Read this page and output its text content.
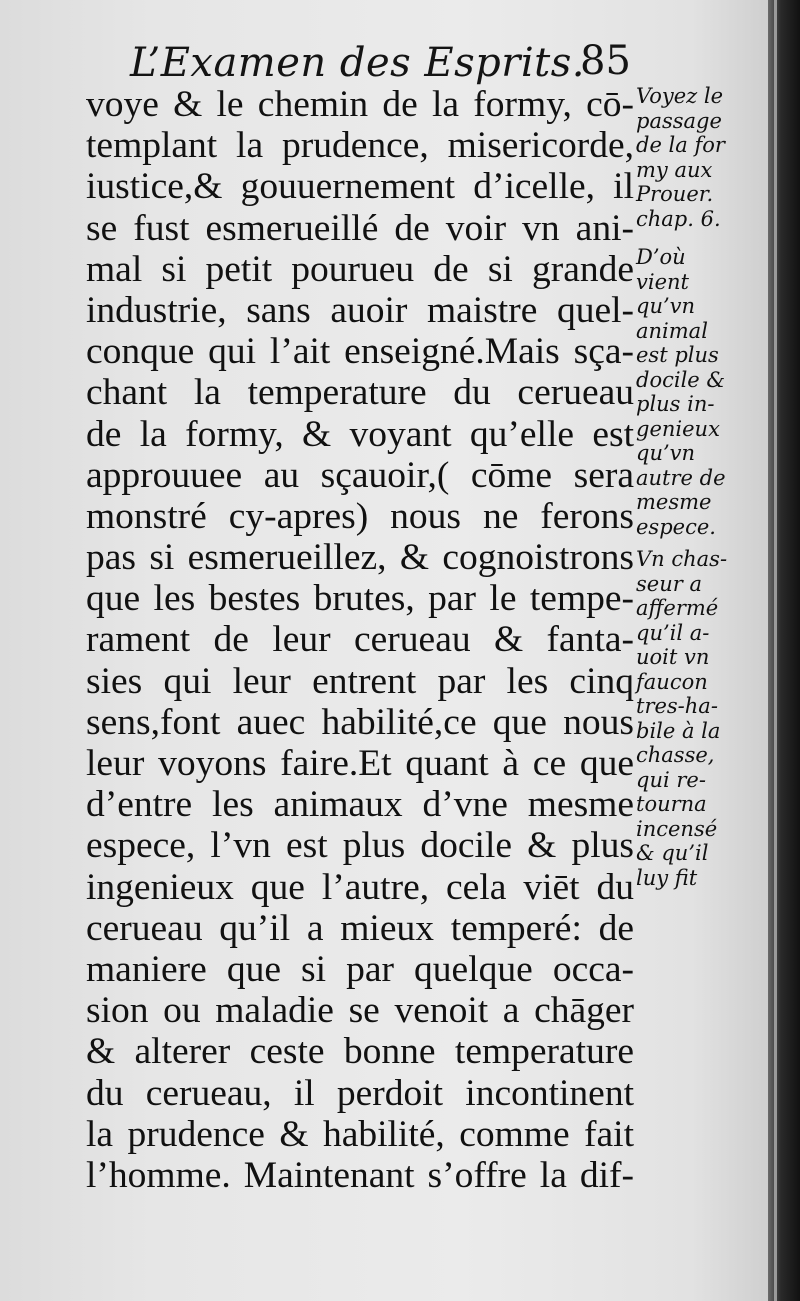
L’Examen des Esprits.
85
voye & le chemin de la formy, cō-
templant la prudence, misericorde,
iustice,& gouuernement d’icelle, il
se fust esmerueillé de voir vn ani-
mal si petit pourueu de si grande
industrie, sans auoir maistre quel-
conque qui l’ait enseigné.Mais sça-
chant la temperature du cerueau
de la formy, & voyant qu’elle est
approuuee au sçauoir,( cōme sera
monstré cy-apres) nous ne ferons
pas si esmerueillez, & cognoistrons
que les bestes brutes, par le tempe-
rament de leur cerueau & fanta-
sies qui leur entrent par les cinq
sens,font auec habilité,ce que nous
leur voyons faire.Et quant à ce que
d’entre les animaux d’vne mesme
espece, l’vn est plus docile & plus
ingenieux que l’autre, cela viēt du
cerueau qu’il a mieux temperé: de
maniere que si par quelque occa-
sion ou maladie se venoit a chāger
& alterer ceste bonne temperature
du cerueau, il perdoit incontinent
la prudence & habilité, comme fait
l’homme. Maintenant s’offre la dif-
Voyez le
passage
de la for
my aux
Prouer.
chap. 6.
D’où
vient
qu’vn
animal
est plus
docile &
plus in-
genieux
qu’vn
autre de
mesme
espece.
Vn chas-
seur a
affermé
qu’il a-
uoit vn
faucon
tres-ha-
bile à la
chasse,
qui re-
tourna
incensé
& qu’il
luy fit
